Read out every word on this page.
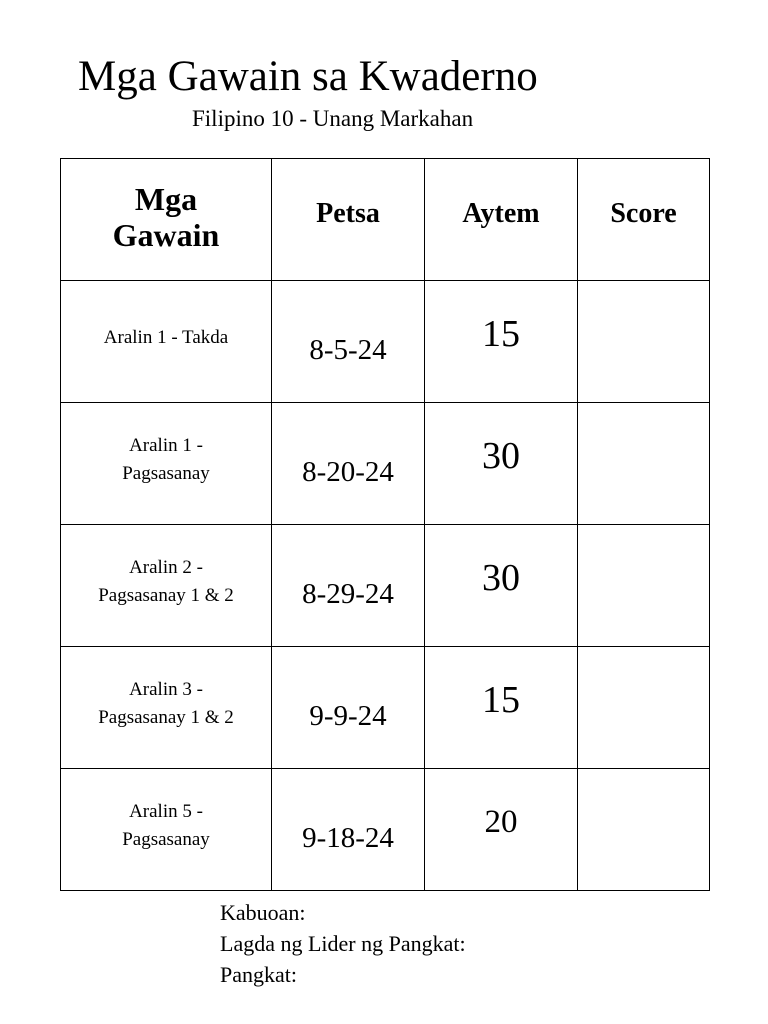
Mga Gawain sa Kwaderno
Filipino 10 - Unang Markahan
Mga
Gawain	Petsa	Aytem	Score
Aralin 1 - Takda	8-5-24	15	
Aralin 1 -
Pagsasanay	8-20-24	30	
Aralin 2 -
Pagsasanay 1 & 2	8-29-24	30	
Aralin 3 -
Pagsasanay 1 & 2	9-9-24	15	
Aralin 5 -
Pagsasanay	9-18-24	20	
Kabuoan:
Lagda ng Lider ng Pangkat:
Pangkat:
